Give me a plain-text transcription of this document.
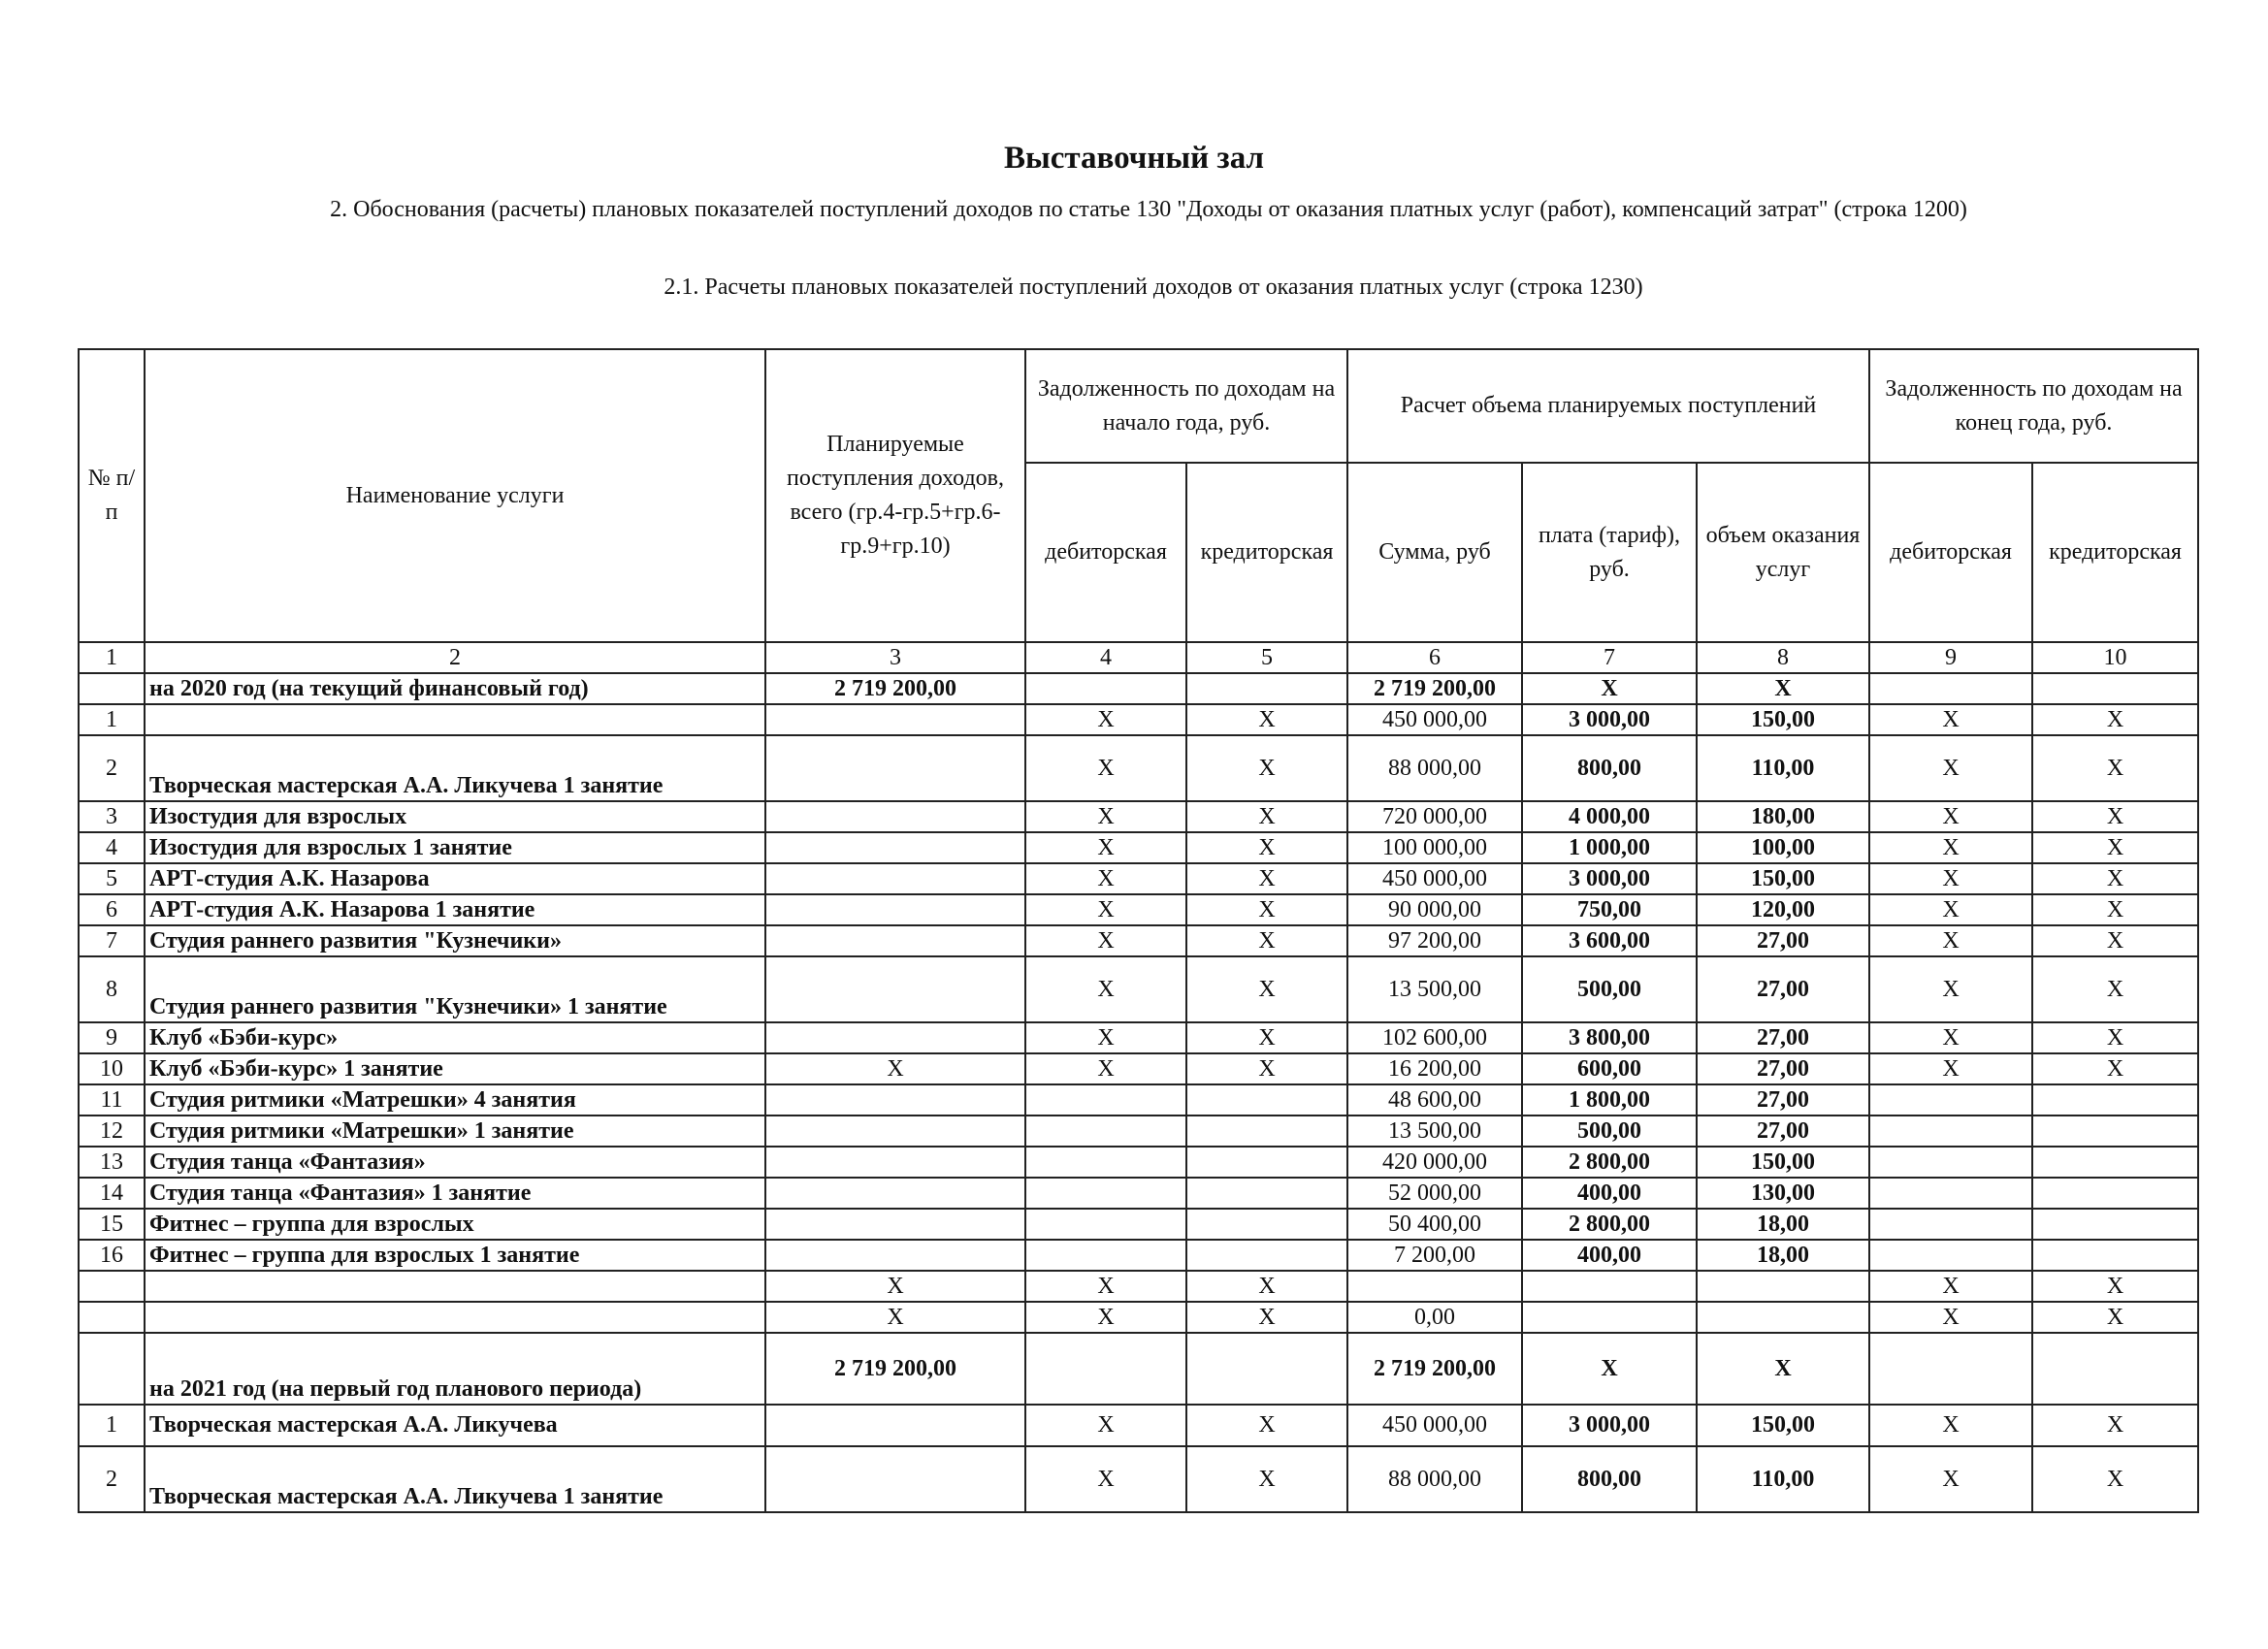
Выставочный зал

2. Обоснования (расчеты) плановых показателей поступлений доходов по статье 130 "Доходы от оказания платных услуг (работ), компенсаций затрат" (строка 1200)

2.1. Расчеты плановых показателей поступлений доходов от оказания платных услуг (строка 1230)

№ п/п	Наименование услуги	Планируемые поступления доходов, всего (гр.4-гр.5+гр.6-гр.9+гр.10)	Задолженность по доходам на начало года, руб.		Расчет объема планируемых поступлений			Задолженность по доходам на конец года, руб.	
			дебиторская	кредиторская	Сумма, руб	плата (тариф), руб.	объем оказания услуг	дебиторская	кредиторская
1	2	3	4	5	6	7	8	9	10
	на 2020 год (на текущий финансовый год)	2 719 200,00			2 719 200,00	X	X		
1			X	X	450 000,00	3 000,00	150,00	X	X
2	Творческая мастерская А.А. Ликучева 1 занятие		X	X	88 000,00	800,00	110,00	X	X
3	Изостудия для взрослых		X	X	720 000,00	4 000,00	180,00	X	X
4	Изостудия для взрослых 1 занятие		X	X	100 000,00	1 000,00	100,00	X	X
5	АРТ-студия А.К. Назарова		X	X	450 000,00	3 000,00	150,00	X	X
6	АРТ-студия А.К. Назарова 1 занятие		X	X	90 000,00	750,00	120,00	X	X
7	Студия раннего развития "Кузнечики»		X	X	97 200,00	3 600,00	27,00	X	X
8	Студия раннего развития "Кузнечики» 1 занятие		X	X	13 500,00	500,00	27,00	X	X
9	Клуб «Бэби-курс»		X	X	102 600,00	3 800,00	27,00	X	X
10	Клуб «Бэби-курс» 1 занятие	X	X	X	16 200,00	600,00	27,00	X	X
11	Студия ритмики «Матрешки» 4 занятия				48 600,00	1 800,00	27,00		
12	Студия ритмики «Матрешки» 1 занятие				13 500,00	500,00	27,00		
13	Студия танца «Фантазия»				420 000,00	2 800,00	150,00		
14	Студия танца «Фантазия» 1 занятие				52 000,00	400,00	130,00		
15	Фитнес – группа для взрослых				50 400,00	2 800,00	18,00		
16	Фитнес – группа для взрослых 1 занятие				7 200,00	400,00	18,00		
		X	X	X				X	X
		X	X	X	0,00			X	X
	на 2021 год (на первый год планового периода)	2 719 200,00			2 719 200,00	X	X		
1	Творческая мастерская А.А. Ликучева		X	X	450 000,00	3 000,00	150,00	X	X
2	Творческая мастерская А.А. Ликучева 1 занятие		X	X	88 000,00	800,00	110,00	X	X
